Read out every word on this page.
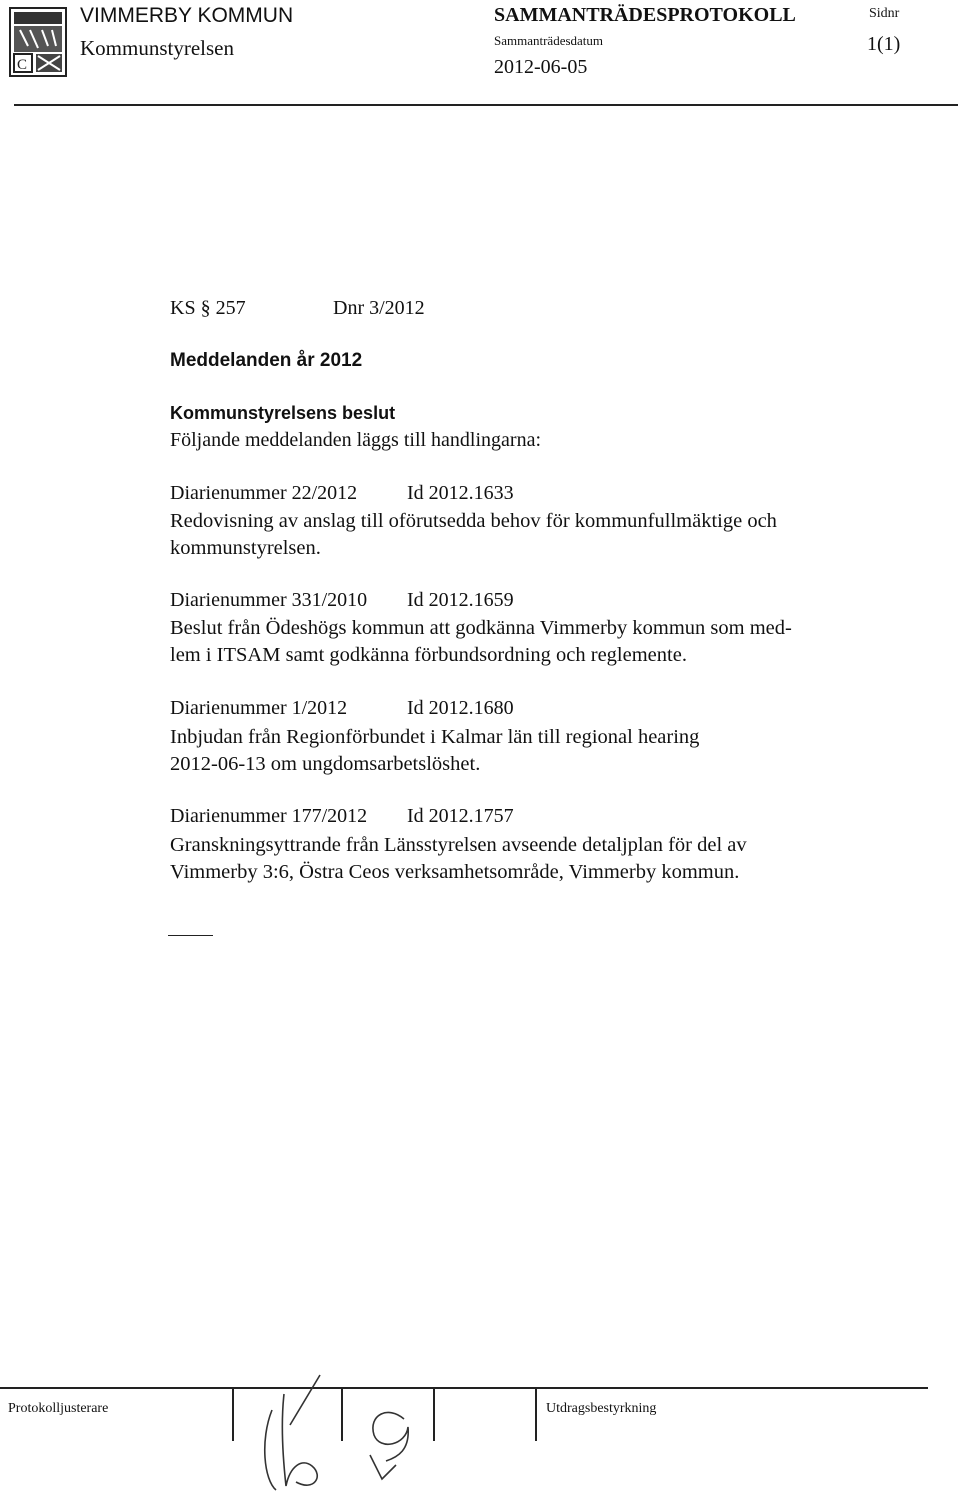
C
VIMMERBY KOMMUN
Kommunstyrelsen
SAMMANTRÄDESPROTOKOLL
Sammanträdesdatum
2012-06-05
Sidnr
1(1)
KS § 257	Dnr 3/2012
Meddelanden år 2012
Kommunstyrelsens beslut
Följande meddelanden läggs till handlingarna:
Diarienummer 22/2012 Id 2012.1633
Redovisning av anslag till oförutsedda behov för kommunfullmäktige och
kommunstyrelsen.
Diarienummer 331/2010 Id 2012.1659
Beslut från Ödeshögs kommun att godkänna Vimmerby kommun som med-
lem i ITSAM samt godkänna förbundsordning och reglemente.
Diarienummer 1/2012	Id 2012.1680
Inbjudan från Regionförbundet i Kalmar län till regional hearing
2012-06-13 om ungdomsarbetslöshet.
Diarienummer 177/2012 Id 2012.1757
Granskningsyttrande från Länsstyrelsen avseende detaljplan för del av
Vimmerby 3:6, Östra Ceos verksamhetsområde, Vimmerby kommun.
Protokolljusterare	Utdragsbestyrkning
